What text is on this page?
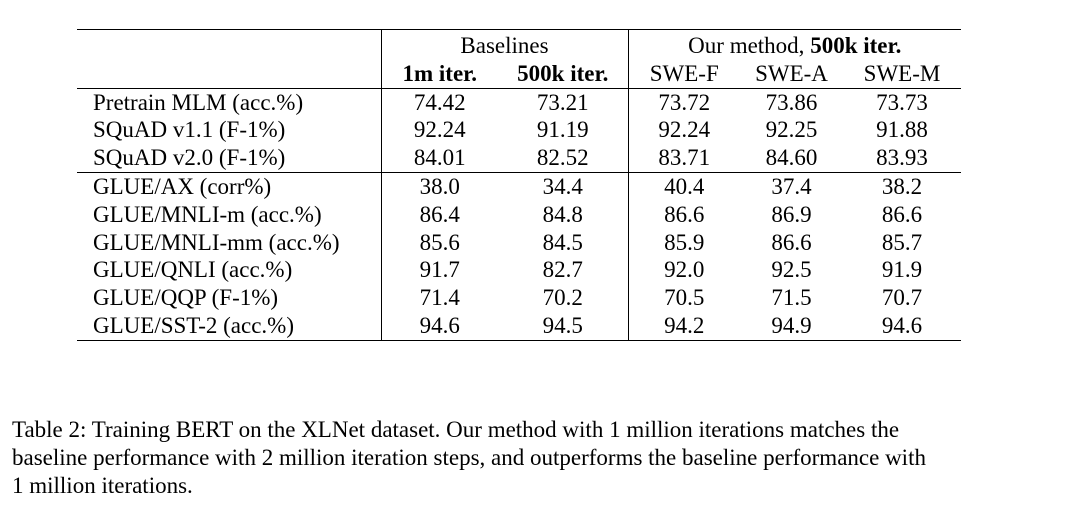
	Baselines		Our method, 500k iter.		
	1m iter.	500k iter.	SWE-F	SWE-A	SWE-M
Pretrain MLM (acc.%)	74.42	73.21	73.72	73.86	73.73
SQuAD v1.1 (F-1%)	92.24	91.19	92.24	92.25	91.88
SQuAD v2.0 (F-1%)	84.01	82.52	83.71	84.60	83.93
GLUE/AX (corr%)	38.0	34.4	40.4	37.4	38.2
GLUE/MNLI-m (acc.%)	86.4	84.8	86.6	86.9	86.6
GLUE/MNLI-mm (acc.%)	85.6	84.5	85.9	86.6	85.7
GLUE/QNLI (acc.%)	91.7	82.7	92.0	92.5	91.9
GLUE/QQP (F-1%)	71.4	70.2	70.5	71.5	70.7
GLUE/SST-2 (acc.%)	94.6	94.5	94.2	94.9	94.6
Table 2: Training BERT on the XLNet dataset. Our method with 1 million iterations matches the
baseline performance with 2 million iteration steps, and outperforms the baseline performance with
1 million iterations.
